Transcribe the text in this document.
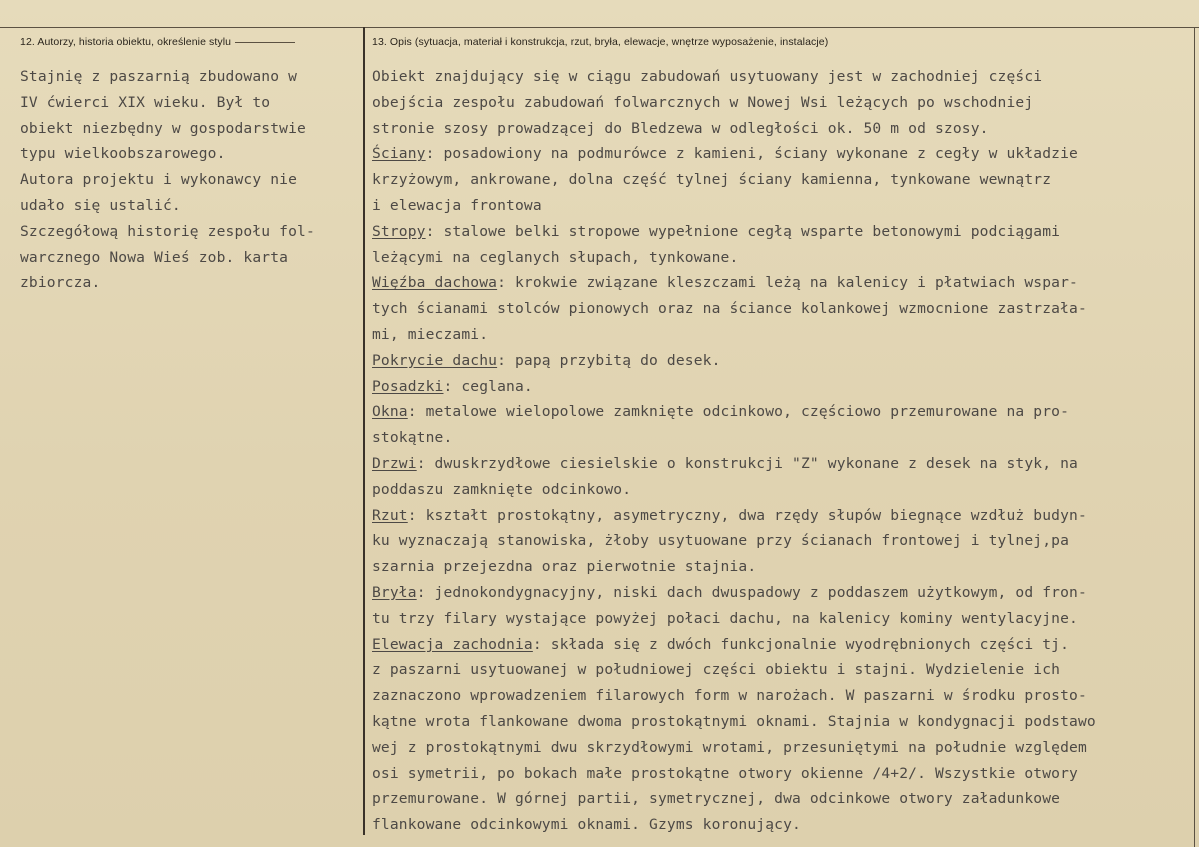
12. Autorzy, historia obiektu, określenie stylu	13. Opis (sytuacja, materiał i konstrukcja, rzut, bryła, elewacje, wnętrze wyposażenie, instalacje)

Stajnię z paszarnią zbudowano w

IV ćwierci XIX wieku. Był to

obiekt niezbędny w gospodarstwie

typu wielkoobszarowego.

Autora projektu i wykonawcy nie

udało się ustalić.

Szczegółową historię zespołu fol-

warcznego Nowa Wieś zob. karta

zbiorcza.

Obiekt znajdujący się w ciągu zabudowań usytuowany jest w zachodniej części

obejścia zespołu zabudowań folwarcznych w Nowej Wsi leżących po wschodniej

stronie szosy prowadzącej do Bledzewa w odległości ok. 50 m od szosy.

Ściany: posadowiony na podmurówce z kamieni, ściany wykonane z cegły w układzie

krzyżowym, ankrowane, dolna część tylnej ściany kamienna, tynkowane wewnątrz

i elewacja frontowa

Stropy: stalowe belki stropowe wypełnione cegłą wsparte betonowymi podciągami

leżącymi na ceglanych słupach, tynkowane.

Więźba dachowa: krokwie związane kleszczami leżą na kalenicy i płatwiach wspar-

tych ścianami stolców pionowych oraz na ściance kolankowej wzmocnione zastrzała-

mi, mieczami.

Pokrycie dachu: papą przybitą do desek.

Posadzki: ceglana.

Okna: metalowe wielopolowe zamknięte odcinkowo, częściowo przemurowane na pro-

stokątne.

Drzwi: dwuskrzydłowe ciesielskie o konstrukcji "Z" wykonane z desek na styk, na

poddaszu zamknięte odcinkowo.

Rzut: kształt prostokątny, asymetryczny, dwa rzędy słupów biegnące wzdłuż budyn-

ku wyznaczają stanowiska, żłoby usytuowane przy ścianach frontowej i tylnej,pa

szarnia przejezdna oraz pierwotnie stajnia.

Bryła: jednokondygnacyjny, niski dach dwuspadowy z poddaszem użytkowym, od fron-

tu trzy filary wystające powyżej połaci dachu, na kalenicy kominy wentylacyjne.

Elewacja zachodnia: składa się z dwóch funkcjonalnie wyodrębnionych części tj.

z paszarni usytuowanej w południowej części obiektu i stajni. Wydzielenie ich

zaznaczono wprowadzeniem filarowych form w narożach. W paszarni w środku prosto-

kątne wrota flankowane dwoma prostokątnymi oknami. Stajnia w kondygnacji podstawo

wej z prostokątnymi dwu skrzydłowymi wrotami, przesuniętymi na południe względem

osi symetrii, po bokach małe prostokątne otwory okienne /4+2/. Wszystkie otwory

przemurowane. W górnej partii, symetrycznej, dwa odcinkowe otwory załadunkowe

flankowane odcinkowymi oknami. Gzyms koronujący.
